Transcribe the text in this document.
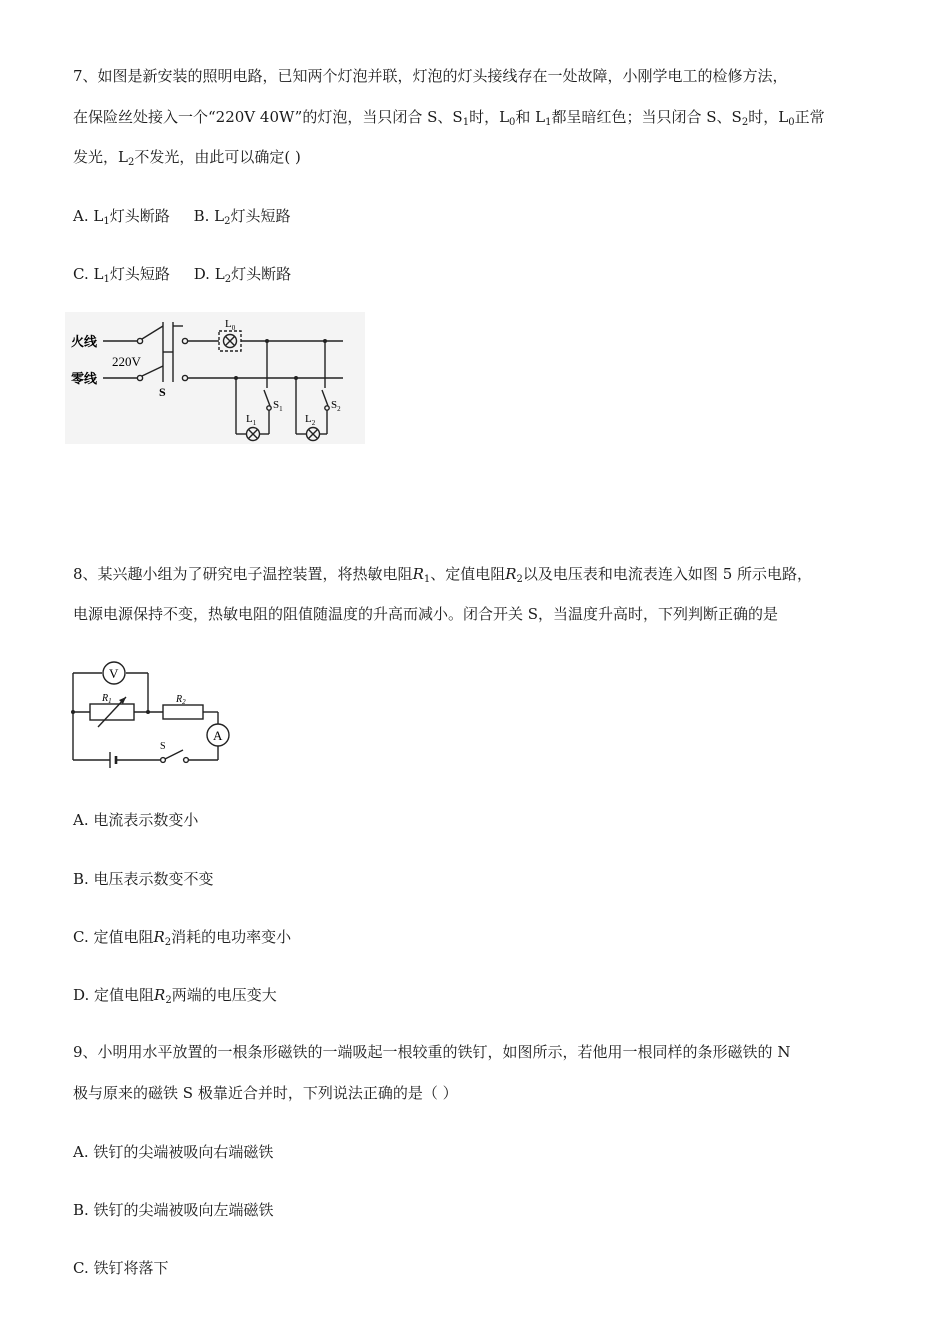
7、如图是新安装的照明电路，已知两个灯泡并联，灯泡的灯头接线存在一处故障，小刚学电工的检修方法，
在保险丝处接入一个“220V 40W”的灯泡，当只闭合 S、$S_1$时，$L_0$和 $L_1$都呈暗红色；当只闭合 S、$S_2$时，$L_0$正常
发光，$L_2$不发光，由此可以确定( )
A. $L_1$灯头断路 B. $L_2$灯头短路
C. $L_1$灯头短路 D. $L_2$灯头断路
火线
零线
220V
S
$L_0$
$L_1$	$L_2$
$S_1$	$S_2$
8、某兴趣小组为了研究电子温控装置，将热敏电阻$R_1$、定值电阻$R_2$以及电压表和电流表连入如图 5 所示电路，
电源电源保持不变，热敏电阻的阻值随温度的升高而减小。闭合开关 S，当温度升高时，下列判断正确的是
V
A
$R_1$	$R_2$
S
A. 电流表示数变小
B. 电压表示数变不变
C. 定值电阻$R_2$消耗的电功率变小
D. 定值电阻$R_2$两端的电压变大
9、小明用水平放置的一根条形磁铁的一端吸起一根较重的铁钉，如图所示，若他用一根同样的条形磁铁的 N
极与原来的磁铁 S 极靠近合并时，下列说法正确的是（ ）
A. 铁钉的尖端被吸向右端磁铁
B. 铁钉的尖端被吸向左端磁铁
C. 铁钉将落下
